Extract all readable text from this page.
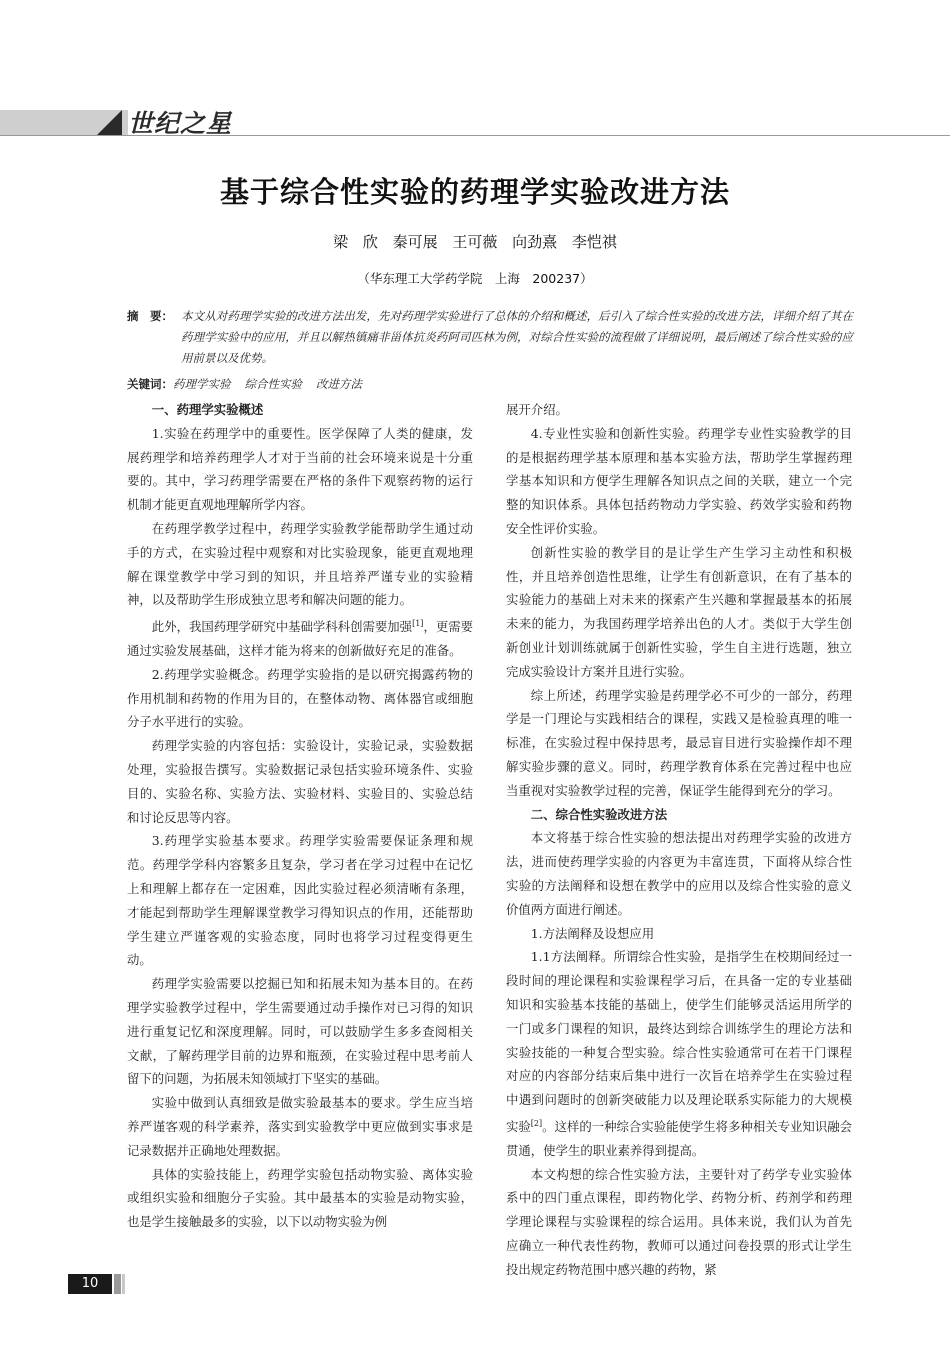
世纪之星
基于综合性实验的药理学实验改进方法
梁 欣 秦可展 王可薇 向劲熹 李恺祺
（华东理工大学药学院　上海　200237）
摘　要： 本文从对药理学实验的改进方法出发，先对药理学实验进行了总体的介绍和概述，后引入了综合性实验的改进方法，详细介绍了其在药理学实验中的应用，并且以解热镇痛非甾体抗炎药阿司匹林为例，对综合性实验的流程做了详细说明，最后阐述了综合性实验的应用前景以及优势。
关键词：药理学实验 综合性实验 改进方法
一、药理学实验概述

1.实验在药理学中的重要性。医学保障了人类的健康，发展药理学和培养药理学人才对于当前的社会环境来说是十分重要的。其中，学习药理学需要在严格的条件下观察药物的运行机制才能更直观地理解所学内容。

在药理学教学过程中，药理学实验教学能帮助学生通过动手的方式，在实验过程中观察和对比实验现象，能更直观地理解在课堂教学中学习到的知识，并且培养严谨专业的实验精神，以及帮助学生形成独立思考和解决问题的能力。

此外，我国药理学研究中基础学科科创需要加强[1]，更需要通过实验发展基础，这样才能为将来的创新做好充足的准备。

2.药理学实验概念。药理学实验指的是以研究揭露药物的作用机制和药物的作用为目的，在整体动物、离体器官或细胞分子水平进行的实验。

药理学实验的内容包括：实验设计，实验记录，实验数据处理，实验报告撰写。实验数据记录包括实验环境条件、实验目的、实验名称、实验方法、实验材料、实验目的、实验总结和讨论反思等内容。

3.药理学实验基本要求。药理学实验需要保证条理和规范。药理学学科内容繁多且复杂，学习者在学习过程中在记忆上和理解上都存在一定困难，因此实验过程必须清晰有条理，才能起到帮助学生理解课堂教学习得知识点的作用，还能帮助学生建立严谨客观的实验态度，同时也将学习过程变得更生动。

药理学实验需要以挖掘已知和拓展未知为基本目的。在药理学实验教学过程中，学生需要通过动手操作对已习得的知识进行重复记忆和深度理解。同时，可以鼓励学生多多查阅相关文献，了解药理学目前的边界和瓶颈，在实验过程中思考前人留下的问题，为拓展未知领域打下坚实的基础。

实验中做到认真细致是做实验最基本的要求。学生应当培养严谨客观的科学素养，落实到实验教学中更应做到实事求是记录数据并正确地处理数据。

具体的实验技能上，药理学实验包括动物实验、离体实验或组织实验和细胞分子实验。其中最基本的实验是动物实验，也是学生接触最多的实验，以下以动物实验为例

展开介绍。

4.专业性实验和创新性实验。药理学专业性实验教学的目的是根据药理学基本原理和基本实验方法，帮助学生掌握药理学基本知识和方便学生理解各知识点之间的关联，建立一个完整的知识体系。具体包括药物动力学实验、药效学实验和药物安全性评价实验。

创新性实验的教学目的是让学生产生学习主动性和积极性，并且培养创造性思维，让学生有创新意识，在有了基本的实验能力的基础上对未来的探索产生兴趣和掌握最基本的拓展未来的能力，为我国药理学培养出色的人才。类似于大学生创新创业计划训练就属于创新性实验，学生自主进行选题，独立完成实验设计方案并且进行实验。

综上所述，药理学实验是药理学必不可少的一部分，药理学是一门理论与实践相结合的课程，实践又是检验真理的唯一标准，在实验过程中保持思考，最忌盲目进行实验操作却不理解实验步骤的意义。同时，药理学教育体系在完善过程中也应当重视对实验教学过程的完善，保证学生能得到充分的学习。

二、综合性实验改进方法

本文将基于综合性实验的想法提出对药理学实验的改进方法，进而使药理学实验的内容更为丰富连贯，下面将从综合性实验的方法阐释和设想在教学中的应用以及综合性实验的意义价值两方面进行阐述。

1.方法阐释及设想应用

1.1方法阐释。所谓综合性实验，是指学生在校期间经过一段时间的理论课程和实验课程学习后，在具备一定的专业基础知识和实验基本技能的基础上，使学生们能够灵活运用所学的一门或多门课程的知识，最终达到综合训练学生的理论方法和实验技能的一种复合型实验。综合性实验通常可在若干门课程对应的内容部分结束后集中进行一次旨在培养学生在实验过程中遇到问题时的创新突破能力以及理论联系实际能力的大规模实验[2]。这样的一种综合实验能使学生将多种相关专业知识融会贯通，使学生的职业素养得到提高。

本文构想的综合性实验方法，主要针对了药学专业实验体系中的四门重点课程，即药物化学、药物分析、药剂学和药理学理论课程与实验课程的综合运用。具体来说，我们认为首先应确立一种代表性药物，教师可以通过问卷投票的形式让学生投出规定药物范围中感兴趣的药物，紧

10
